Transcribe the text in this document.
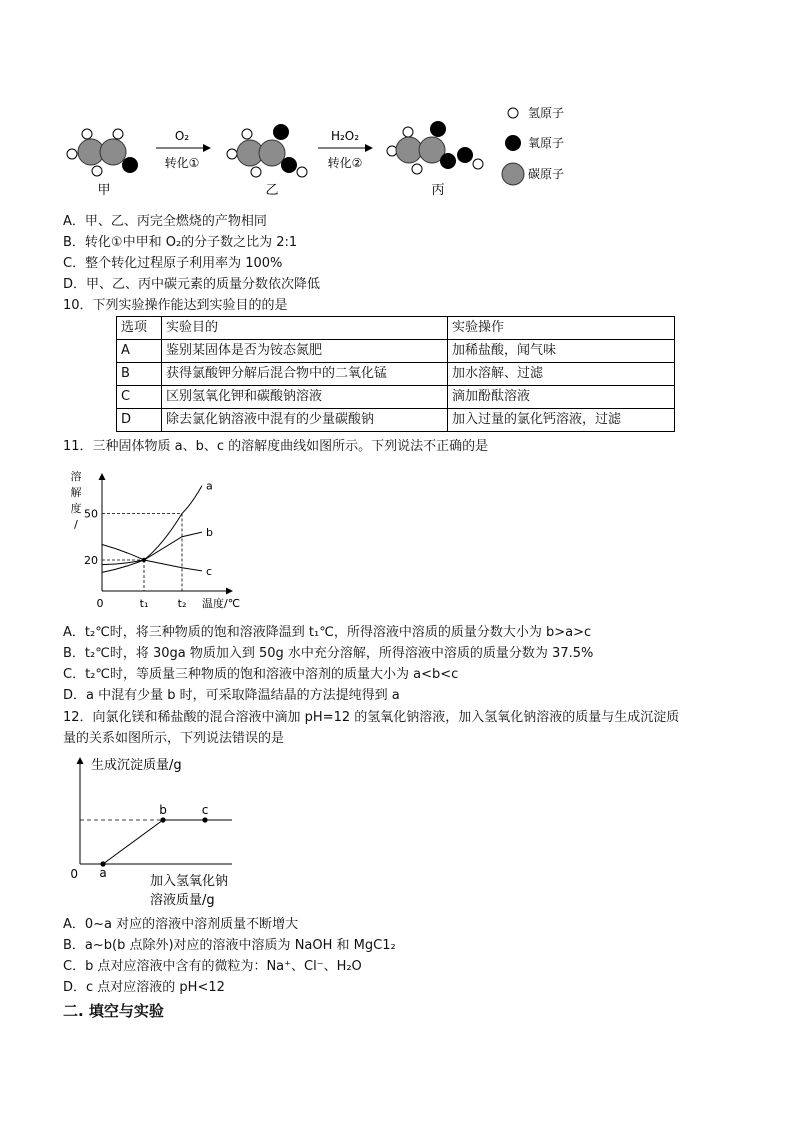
甲
O₂
转化①
乙
H₂O₂
转化②
丙
氢原子
氧原子
碳原子
A．甲、乙、丙完全燃烧的产物相同
B．转化①中甲和 O₂的分子数之比为 2:1
C．整个转化过程原子利用率为 100%
D．甲、乙、丙中碳元素的质量分数依次降低
10．下列实验操作能达到实验目的的是
选项	实验目的	实验操作
A	鉴别某固体是否为铵态氮肥	加稀盐酸，闻气味
B	获得氯酸钾分解后混合物中的二氧化锰	加水溶解、过滤
C	区别氢氧化钾和碳酸钠溶液	滴加酚酞溶液
D	除去氯化钠溶液中混有的少量碳酸钠	加入过量的氯化钙溶液，过滤
11．三种固体物质 a、b、c 的溶解度曲线如图所示。下列说法不正确的是
溶
解
度
/
a
b
c
0	t₁	t₂ 温度/℃
20
50
A．t₂℃时，将三种物质的饱和溶液降温到 t₁℃，所得溶液中溶质的质量分数大小为 b>a>c
B．t₂℃时，将 30ga 物质加入到 50g 水中充分溶解，所得溶液中溶质的质量分数为 37.5%
C．t₂℃时，等质量三种物质的饱和溶液中溶剂的质量大小为 a<b<c
D．a 中混有少量 b 时，可采取降温结晶的方法提纯得到 a
12．向氯化镁和稀盐酸的混合溶液中滴加 pH=12 的氢氧化钠溶液，加入氢氧化钠溶液的质量与生成沉淀质
量的关系如图所示，下列说法错误的是
生成沉淀质量/g
0 a
b	c
加入氢氧化钠
溶液质量/g
A．0~a 对应的溶液中溶剂质量不断增大
B．a~b(b 点除外)对应的溶液中溶质为 NaOH 和 MgC1₂
C．b 点对应溶液中含有的微粒为：Na⁺、Cl⁻、H₂O
D．c 点对应溶液的 pH<12
二. 填空与实验
